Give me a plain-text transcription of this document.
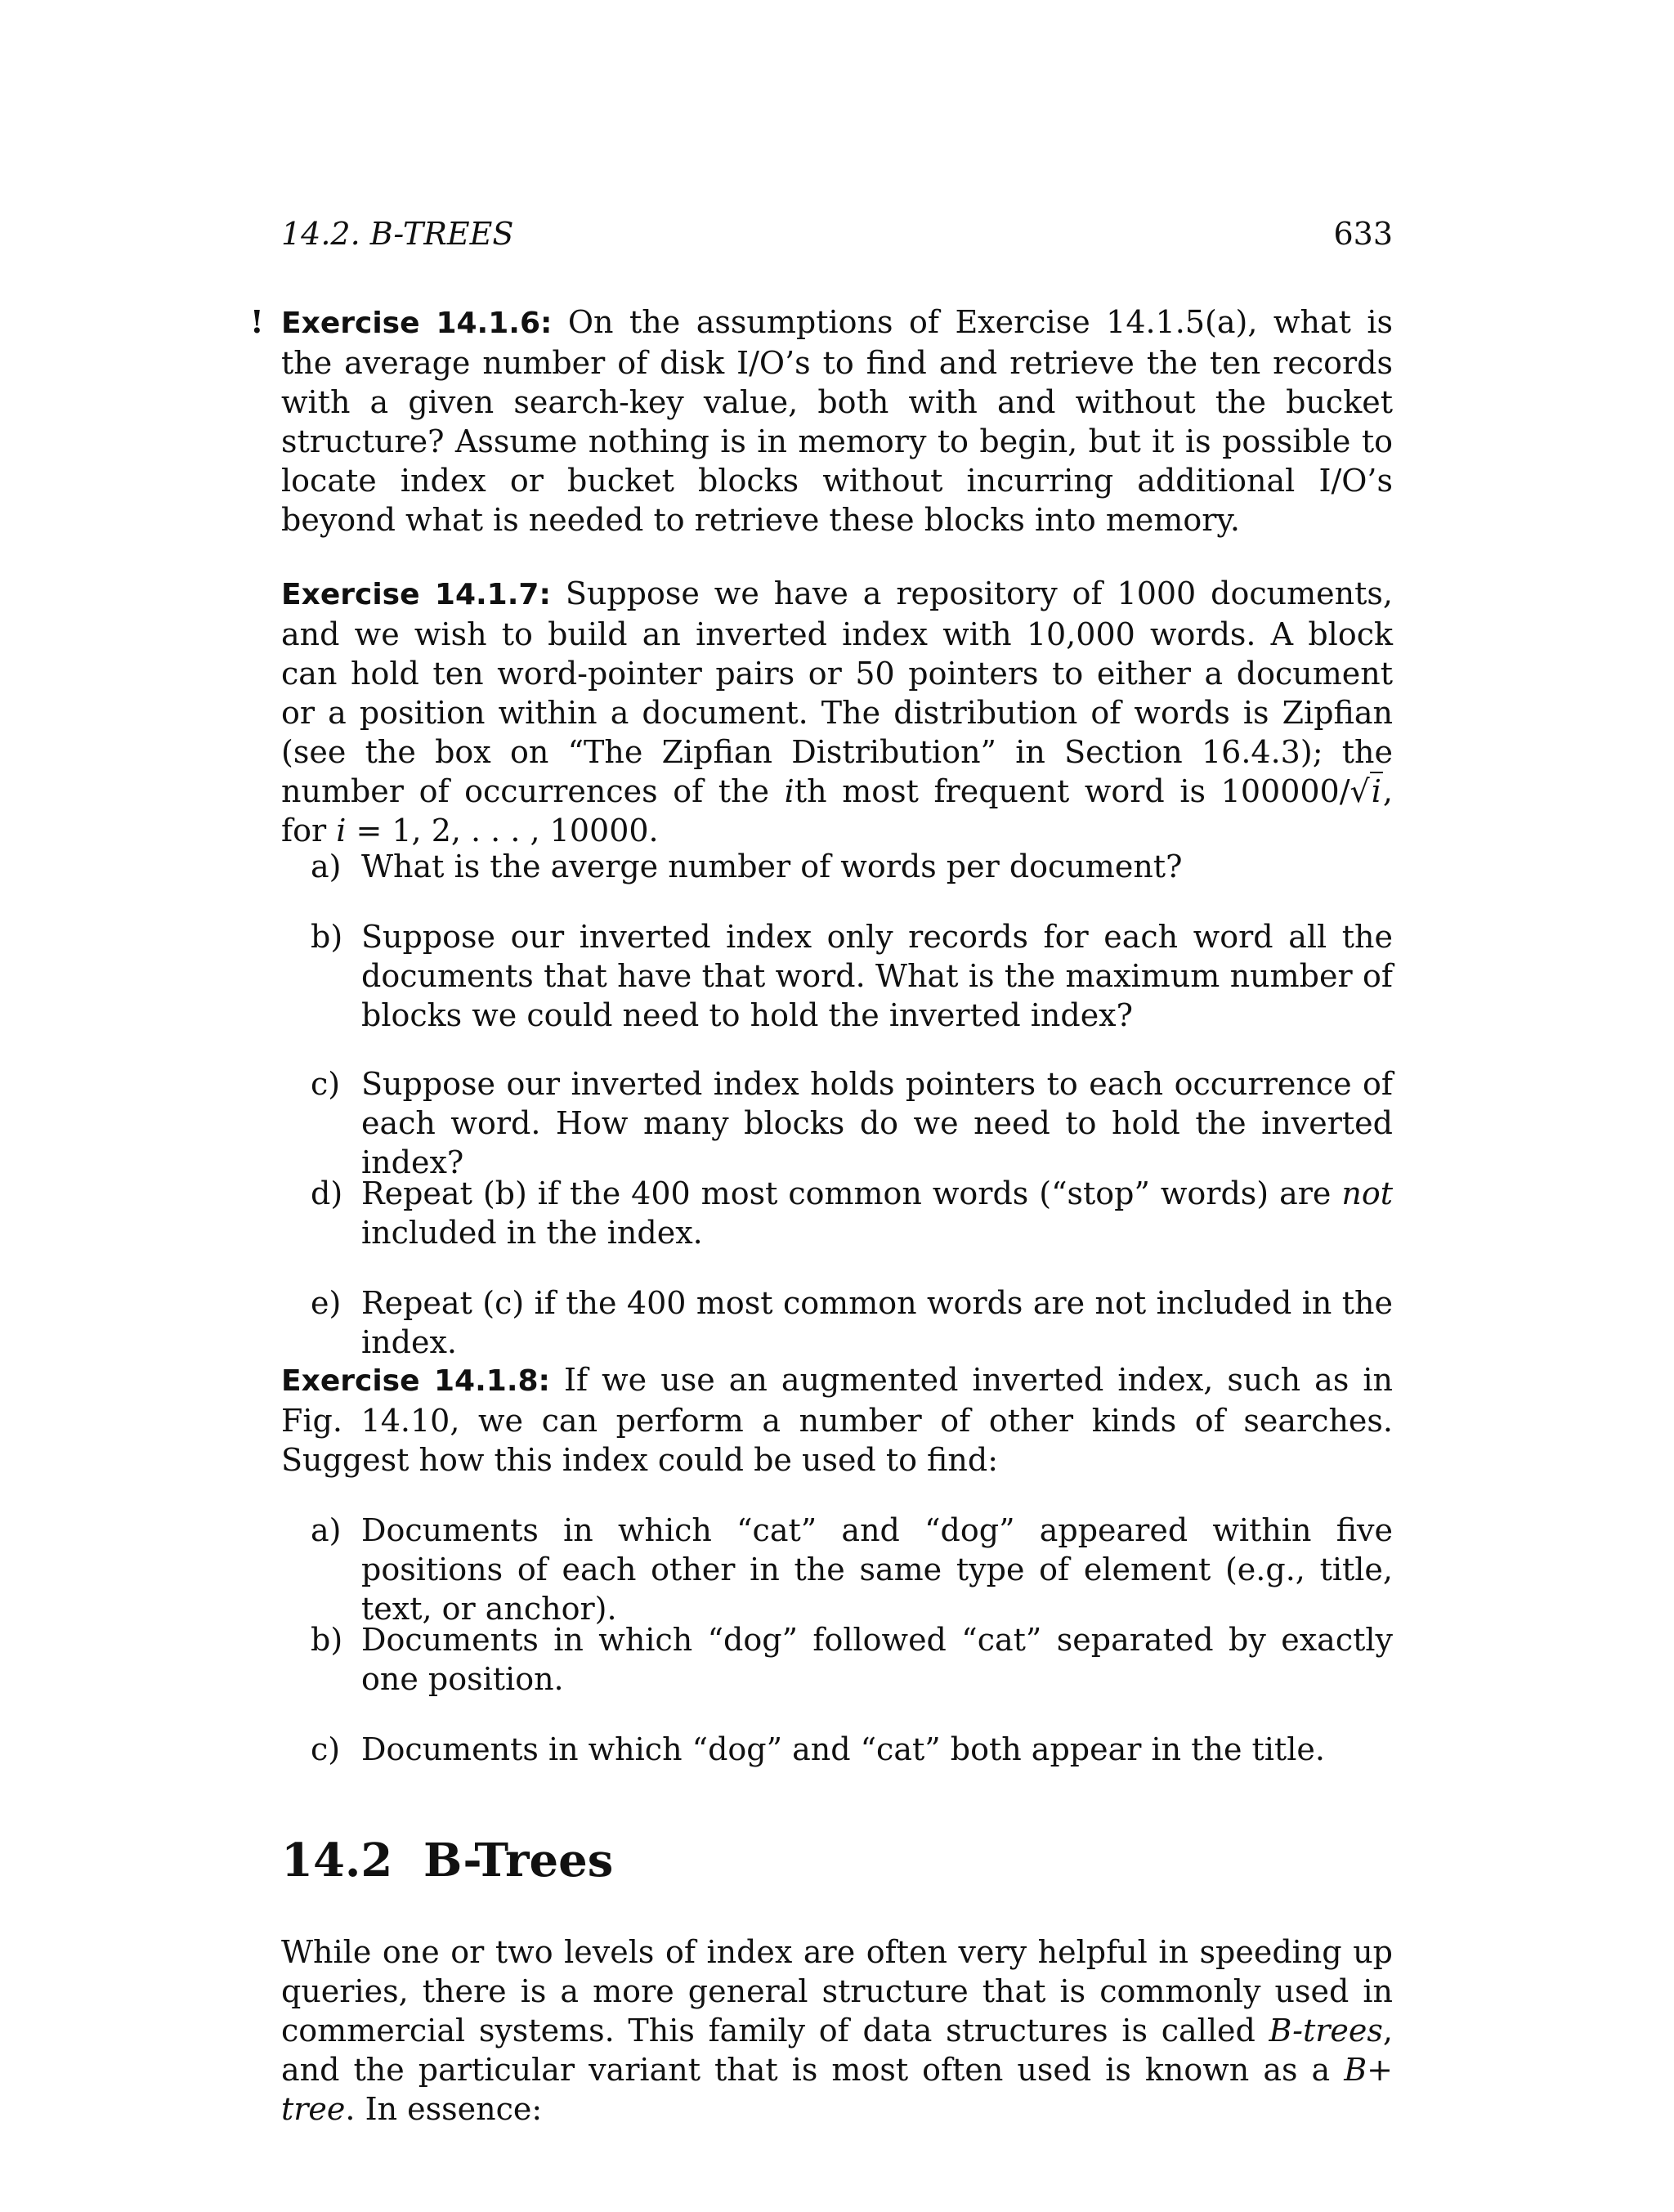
14.2. B-TREES	633
! Exercise 14.1.6: On the assumptions of Exercise 14.1.5(a), what is the average number of disk I/O’s to find and retrieve the ten records with a given search-key value, both with and without the bucket structure? Assume nothing is in memory to begin, but it is possible to locate index or bucket blocks without incurring additional I/O’s beyond what is needed to retrieve these blocks into memory.

Exercise 14.1.7: Suppose we have a repository of 1000 documents, and we wish to build an inverted index with 10,000 words. A block can hold ten word-pointer pairs or 50 pointers to either a document or a position within a document. The distribution of words is Zipfian (see the box on “The Zipfian Distribution” in Section 16.4.3); the number of occurrences of the ith most frequent word is 100000/√i, for i = 1, 2, . . . , 10000.

a) What is the averge number of words per document?
b) Suppose our inverted index only records for each word all the documents that have that word. What is the maximum number of blocks we could need to hold the inverted index?
c) Suppose our inverted index holds pointers to each occurrence of each word. How many blocks do we need to hold the inverted index?
d) Repeat (b) if the 400 most common words (“stop” words) are not included in the index.
e) Repeat (c) if the 400 most common words are not included in the index.

Exercise 14.1.8: If we use an augmented inverted index, such as in Fig. 14.10, we can perform a number of other kinds of searches. Suggest how this index could be used to find:

a) Documents in which “cat” and “dog” appeared within five positions of each other in the same type of element (e.g., title, text, or anchor).
b) Documents in which “dog” followed “cat” separated by exactly one position.
c) Documents in which “dog” and “cat” both appear in the title.
14.2 B-Trees

While one or two levels of index are often very helpful in speeding up queries, there is a more general structure that is commonly used in commercial systems. This family of data structures is called B-trees, and the particular variant that is most often used is known as a B+ tree. In essence:
